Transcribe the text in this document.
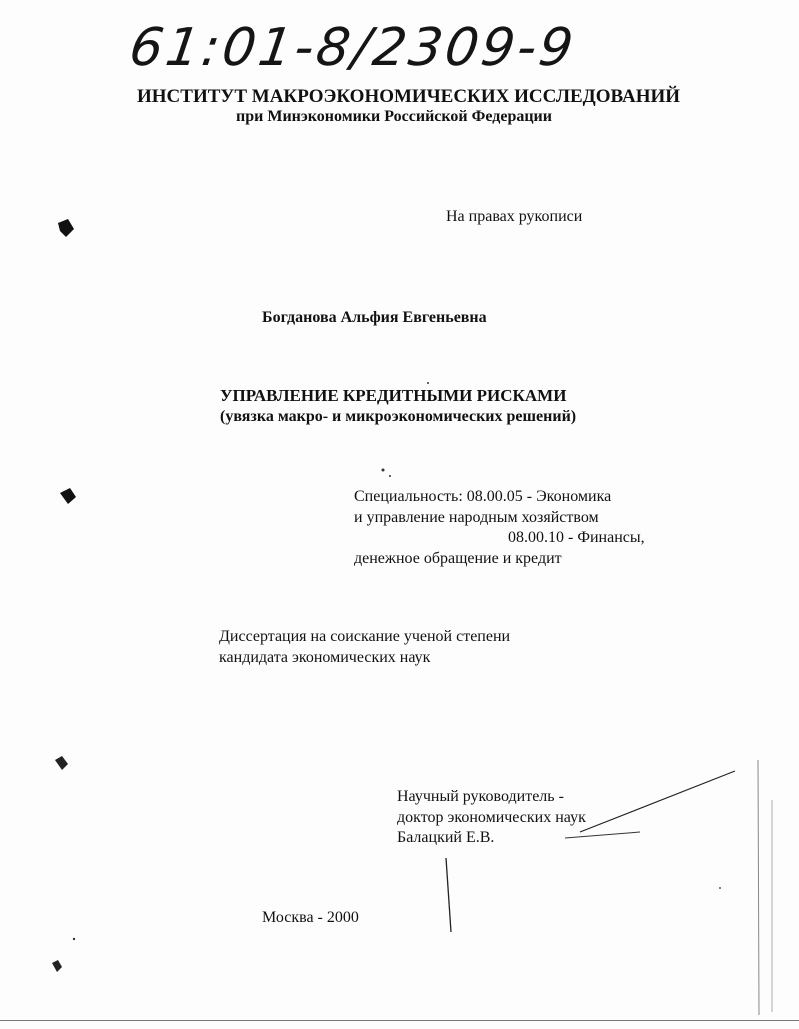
61:01-8/2309-9
ИНСТИТУТ МАКРОЭКОНОМИЧЕСКИХ ИССЛЕДОВАНИЙ
при Минэкономики Российской Федерации
На правах рукописи
Богданова Альфия Евгеньевна
УПРАВЛЕНИЕ КРЕДИТНЫМИ РИСКАМИ
(увязка макро- и микроэкономических решений)
Специальность: 08.00.05 - Экономика
и управление народным хозяйством
08.00.10 - Финансы,
денежное обращение и кредит
Диссертация на соискание ученой степени
кандидата экономических наук
Научный руководитель -
доктор экономических наук
Балацкий Е.В.
Москва - 2000
